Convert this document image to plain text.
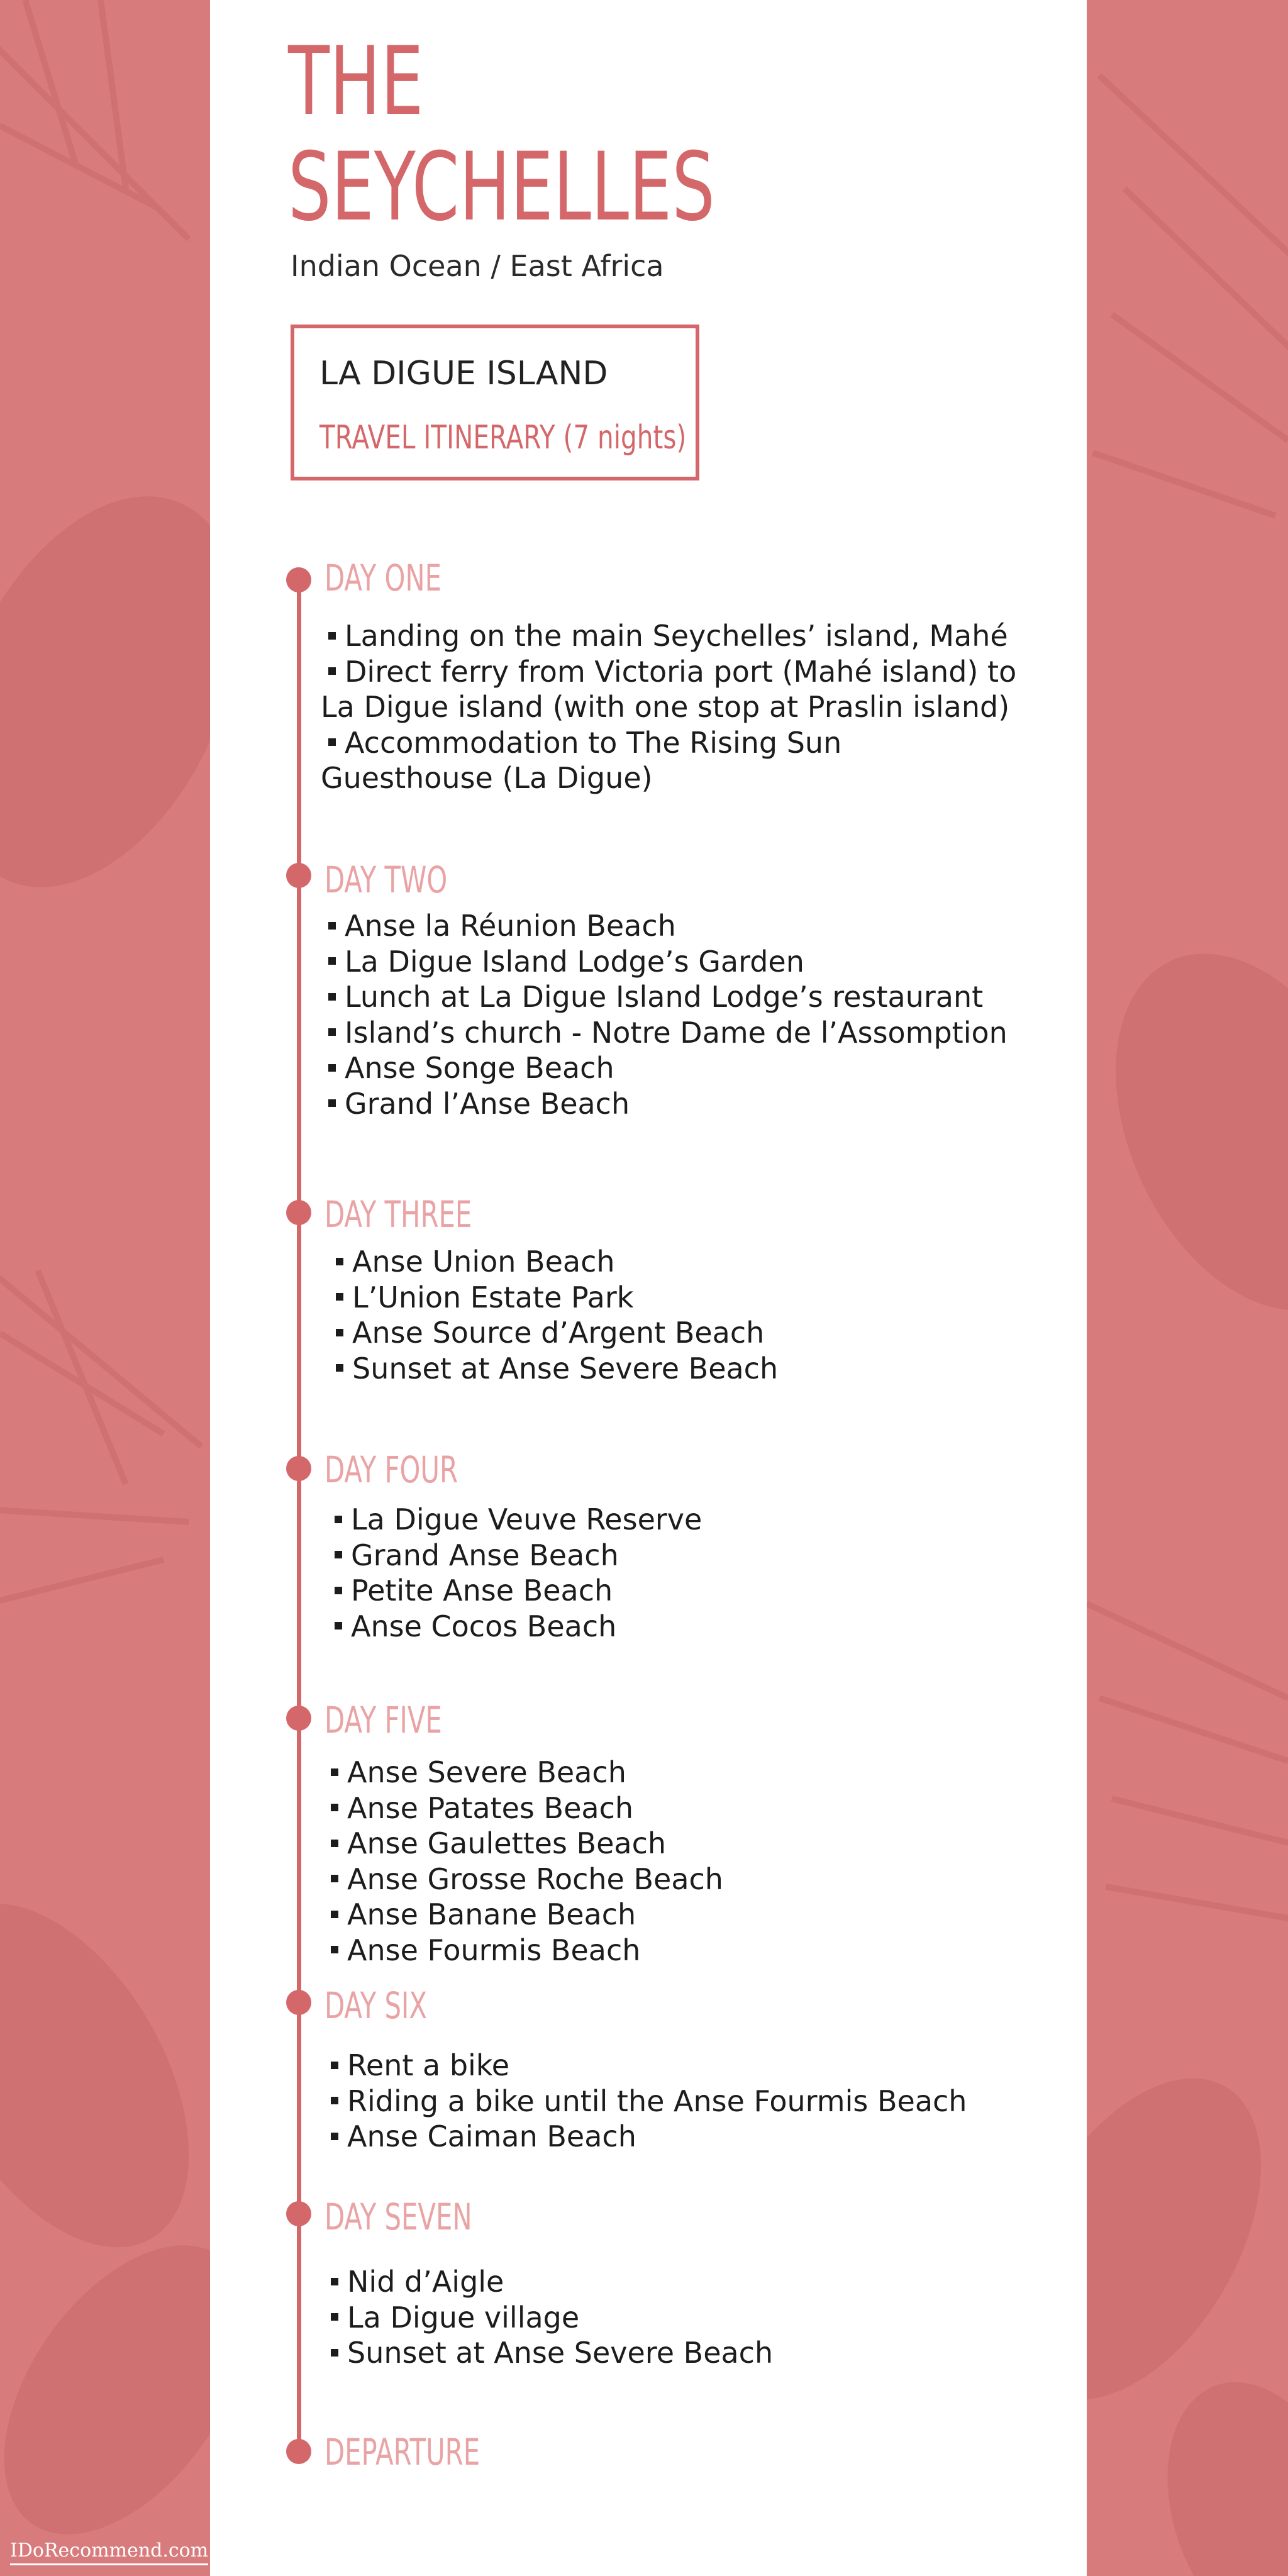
THE
SEYCHELLES
Indian Ocean / East Africa
LA DIGUE ISLAND
TRAVEL ITINERARY (7 nights)
DAY ONE
Landing on the main Seychelles’ island, Mahé
Direct ferry from Victoria port (Mahé island) to
La Digue island (with one stop at Praslin island)
Accommodation to The Rising Sun
Guesthouse (La Digue)
DAY TWO
Anse la Réunion Beach
La Digue Island Lodge’s Garden
Lunch at La Digue Island Lodge’s restaurant
Island’s church - Notre Dame de l’Assomption
Anse Songe Beach
Grand l’Anse Beach
DAY THREE
Anse Union Beach
L’Union Estate Park
Anse Source d’Argent Beach
Sunset at Anse Severe Beach
DAY FOUR
La Digue Veuve Reserve
Grand Anse Beach
Petite Anse Beach
Anse Cocos Beach
DAY FIVE
Anse Severe Beach
Anse Patates Beach
Anse Gaulettes Beach
Anse Grosse Roche Beach
Anse Banane Beach
Anse Fourmis Beach
DAY SIX
Rent a bike
Riding a bike until the Anse Fourmis Beach
Anse Caiman Beach
DAY SEVEN
Nid d’Aigle
La Digue village
Sunset at Anse Severe Beach
DEPARTURE
IDoRecommend.com
